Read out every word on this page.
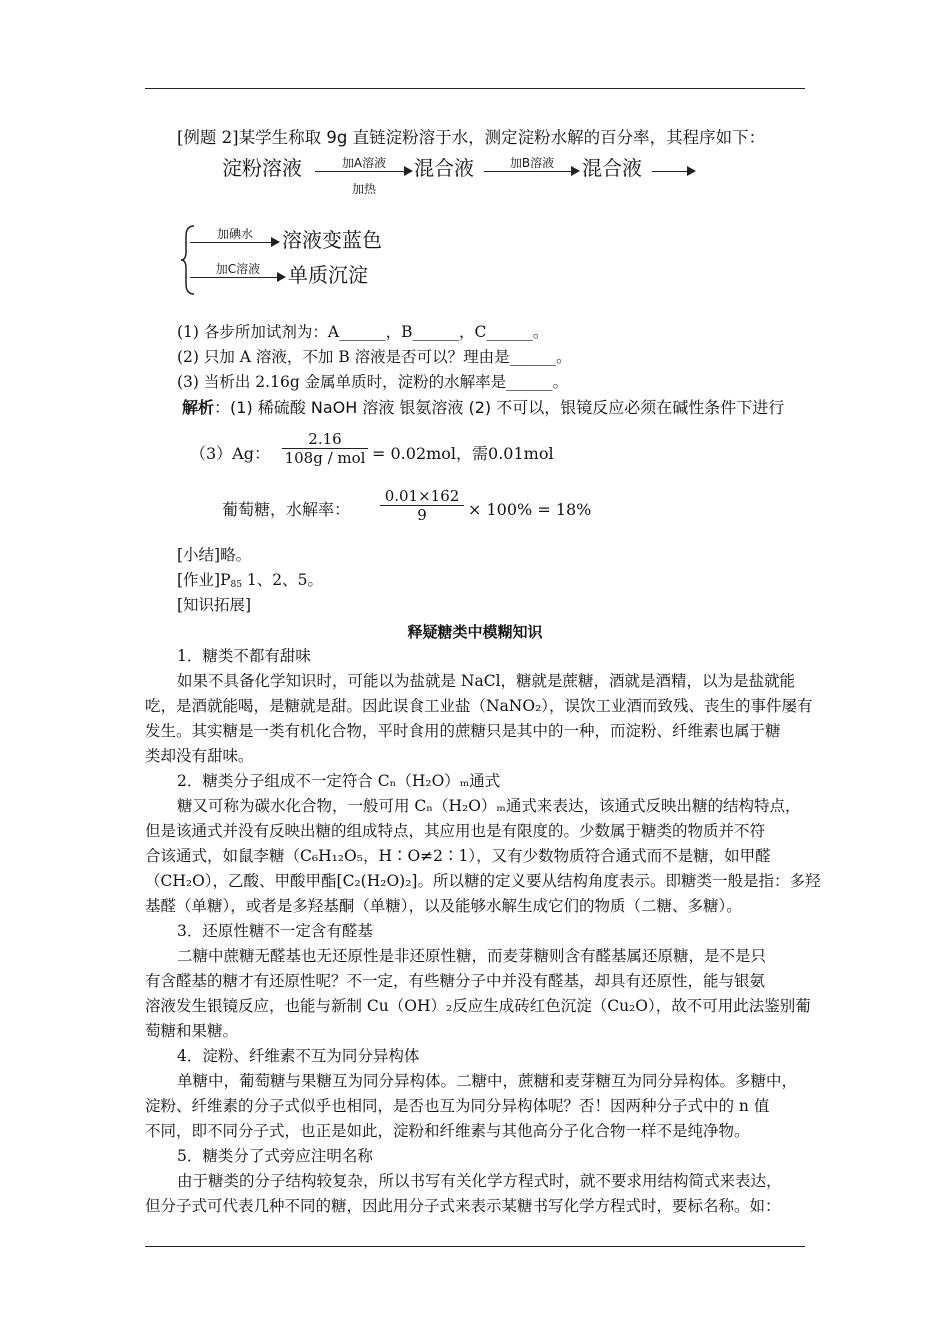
[例题 2]某学生称取 9g 直链淀粉溶于水，测定淀粉水解的百分率，其程序如下：
淀粉溶液	加A溶液
加热
混合液	加B溶液	混合液
加碘水	溶液变蓝色
加C溶液	单质沉淀
(1) 各步所加试剂为：A______，B______，C______。
(2) 只加 A 溶液，不加 B 溶液是否可以？理由是______。
(3) 当析出 2.16g 金属单质时，淀粉的水解率是______。
解析：(1) 稀硫酸 NaOH 溶液 银氨溶液 (2) 不可以，银镜反应必须在碱性条件下进行
（3）Ag：
2.16
108g / mol = 0.02mol，需0.01mol
葡萄糖，水解率： $\frac{0.01\times 162}{9} \times 100\% = 18\%$
[小结]略。
[作业]$P_{85}$ 1、2、5。
[知识拓展]
释疑糖类中模糊知识
1．糖类不都有甜味
如果不具备化学知识时，可能以为盐就是 NaCl，糖就是蔗糖，酒就是酒精，以为是盐就能
吃，是酒就能喝，是糖就是甜。因此误食工业盐（NaNO₂），误饮工业酒而致残、丧生的事件屡有
发生。其实糖是一类有机化合物，平时食用的蔗糖只是其中的一种，而淀粉、纤维素也属于糖
类却没有甜味。
2．糖类分子组成不一定符合 Cₙ（H₂O）ₘ通式
糖又可称为碳水化合物，一般可用 Cₙ（H₂O）ₘ通式来表达，该通式反映出糖的结构特点，
但是该通式并没有反映出糖的组成特点，其应用也是有限度的。少数属于糖类的物质并不符
合该通式，如鼠李糖（C₆H₁₂O₅，H∶O≠2∶1），又有少数物质符合通式而不是糖，如甲醛
（CH₂O），乙酸、甲酸甲酯[C₂(H₂O)₂]。所以糖的定义要从结构角度表示。即糖类一般是指：多羟
基醛（单糖），或者是多羟基酮（单糖），以及能够水解生成它们的物质（二糖、多糖）。
3．还原性糖不一定含有醛基
二糖中蔗糖无醛基也无还原性是非还原性糖，而麦芽糖则含有醛基属还原糖，是不是只
有含醛基的糖才有还原性呢？不一定，有些糖分子中并没有醛基，却具有还原性，能与银氨
溶液发生银镜反应，也能与新制 Cu（OH）₂反应生成砖红色沉淀（Cu₂O），故不可用此法鉴别葡
萄糖和果糖。
4．淀粉、纤维素不互为同分异构体
单糖中，葡萄糖与果糖互为同分异构体。二糖中，蔗糖和麦芽糖互为同分异构体。多糖中，
淀粉、纤维素的分子式似乎也相同，是否也互为同分异构体呢？否！因两种分子式中的 n 值
不同，即不同分子式，也正是如此，淀粉和纤维素与其他高分子化合物一样不是纯净物。
5．糖类分了式旁应注明名称
由于糖类的分子结构较复杂，所以书写有关化学方程式时，就不要求用结构简式来表达，
但分子式可代表几种不同的糖，因此用分子式来表示某糖书写化学方程式时，要标名称。如：
